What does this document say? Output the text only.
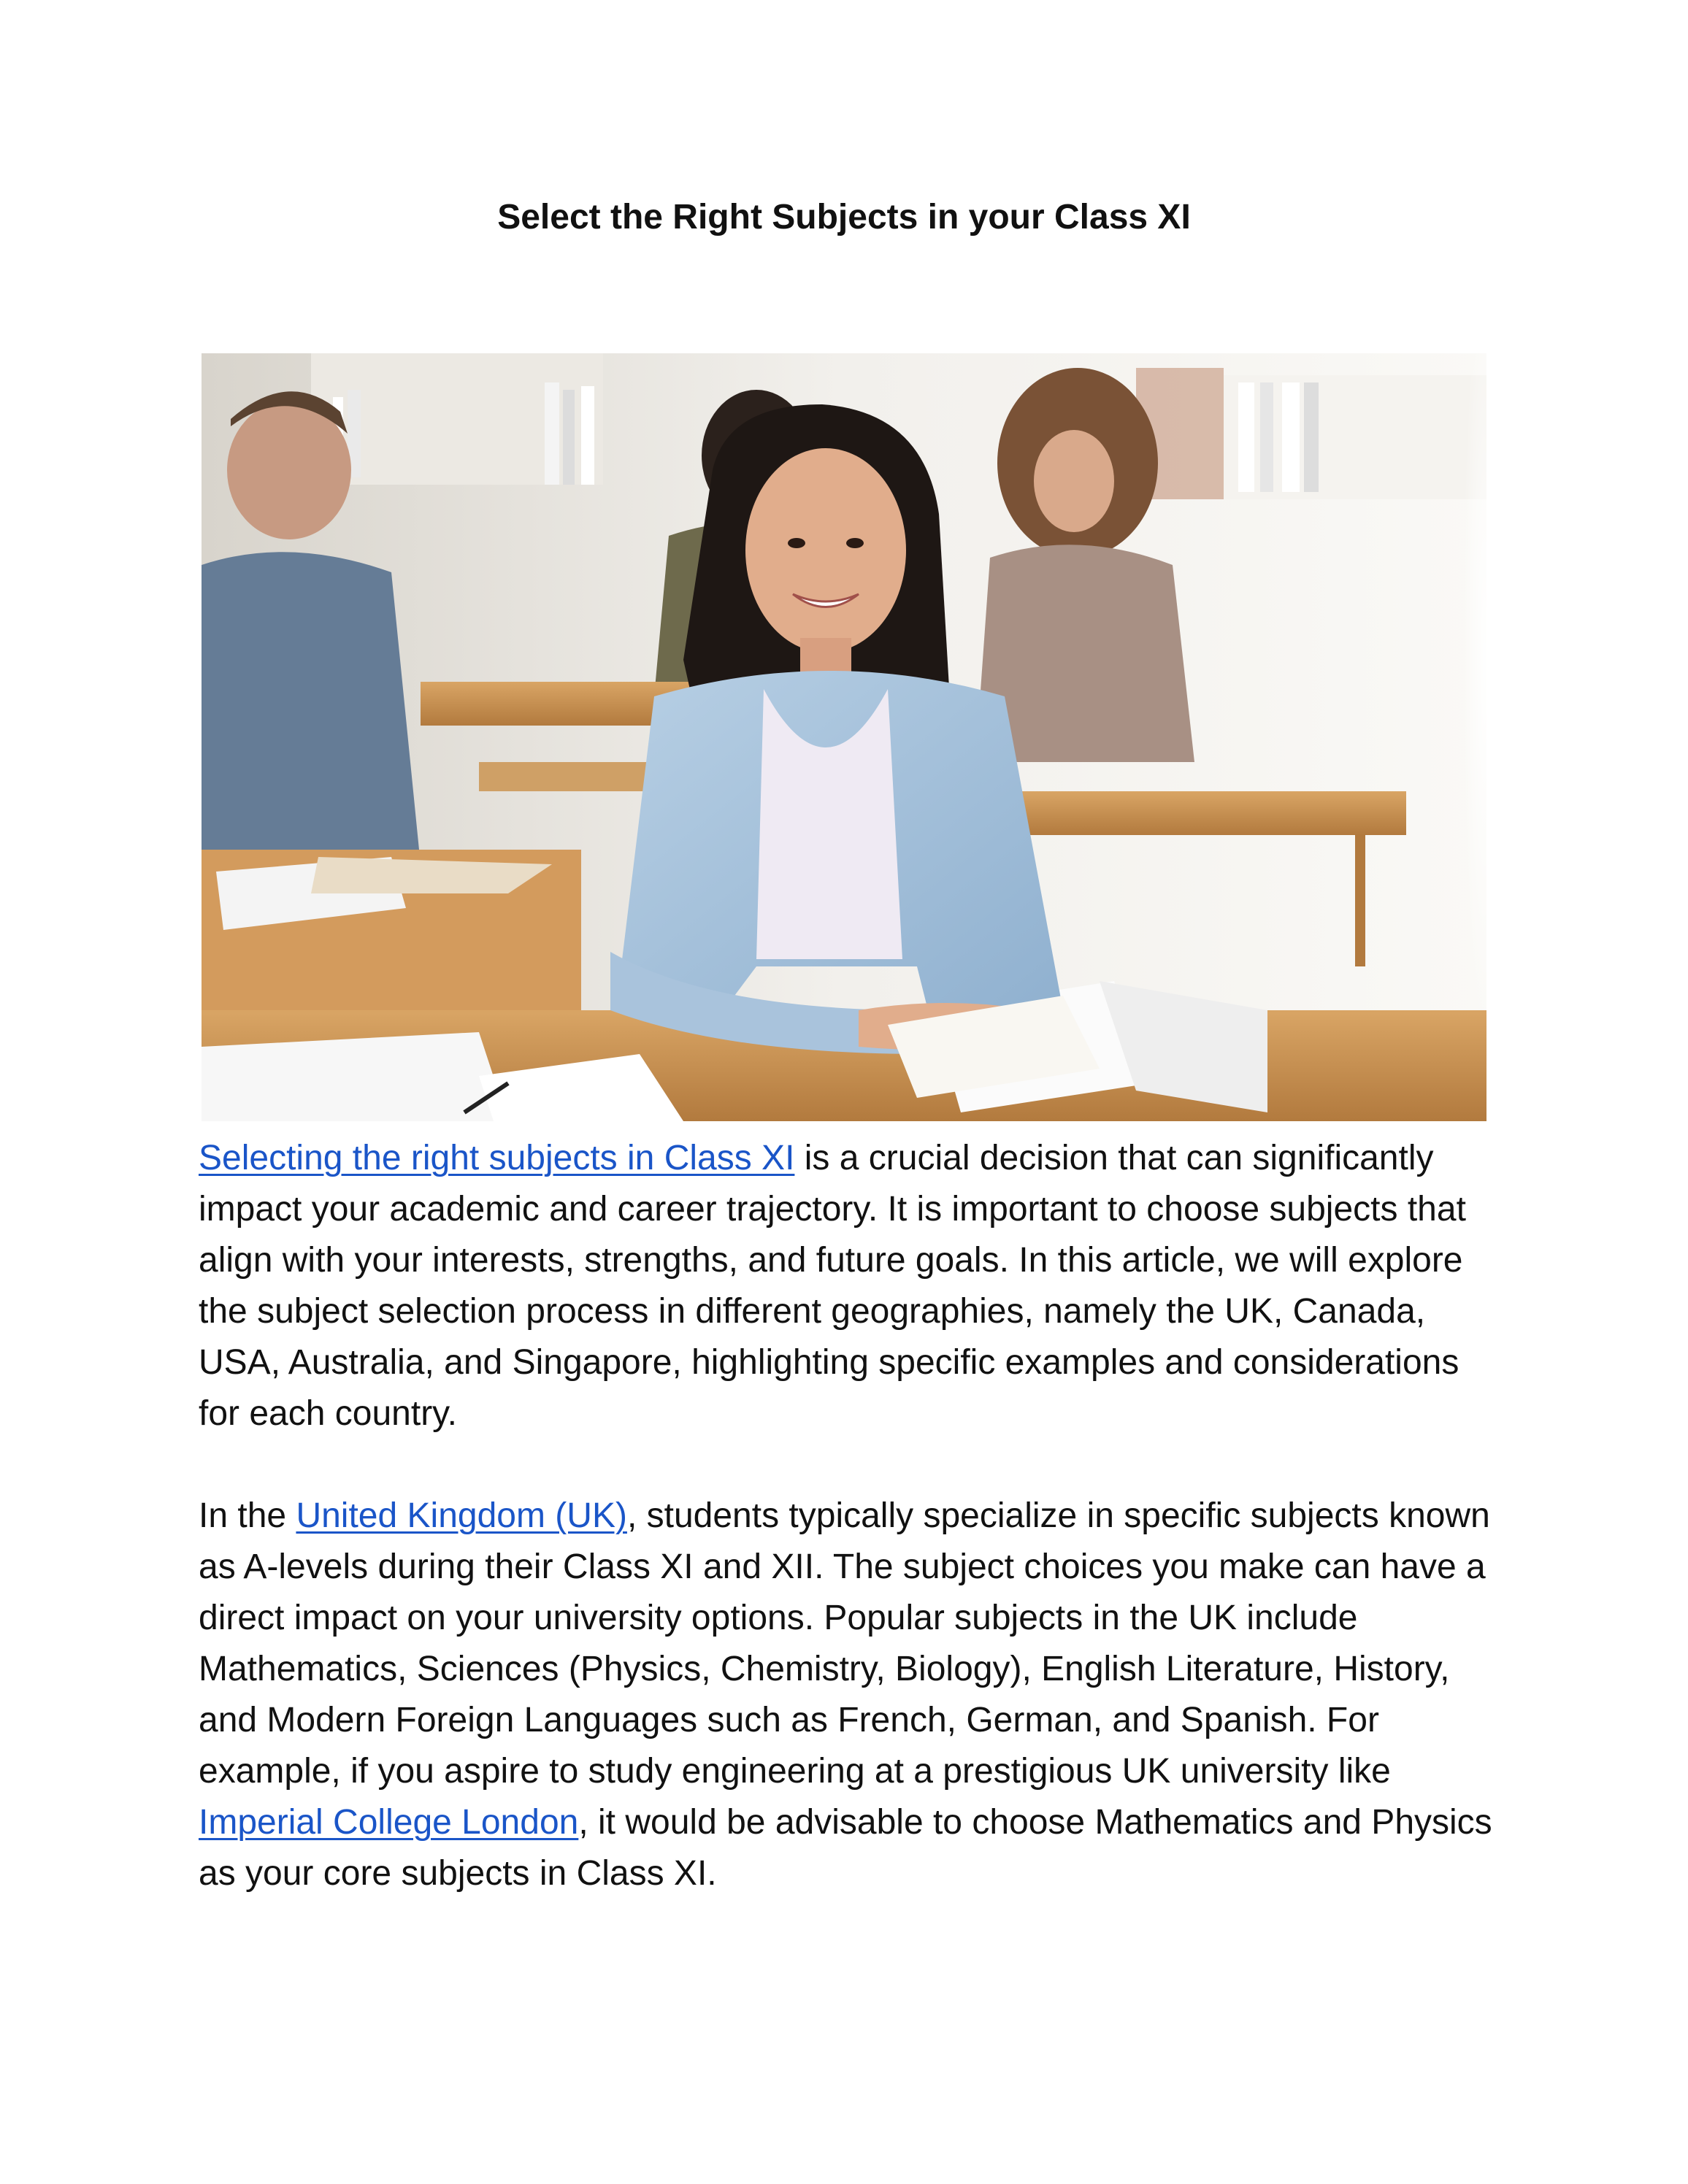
Select the Right Subjects in your Class XI

Selecting the right subjects in Class XI is a crucial decision that can significantly impact your academic and career trajectory. It is important to choose subjects that align with your interests, strengths, and future goals. In this article, we will explore the subject selection process in different geographies, namely the UK, Canada, USA, Australia, and Singapore, highlighting specific examples and considerations for each country.

In the United Kingdom (UK), students typically specialize in specific subjects known as A-levels during their Class XI and XII. The subject choices you make can have a direct impact on your university options. Popular subjects in the UK include Mathematics, Sciences (Physics, Chemistry, Biology), English Literature, History, and Modern Foreign Languages such as French, German, and Spanish. For example, if you aspire to study engineering at a prestigious UK university like Imperial College London, it would be advisable to choose Mathematics and Physics as your core subjects in Class XI.
